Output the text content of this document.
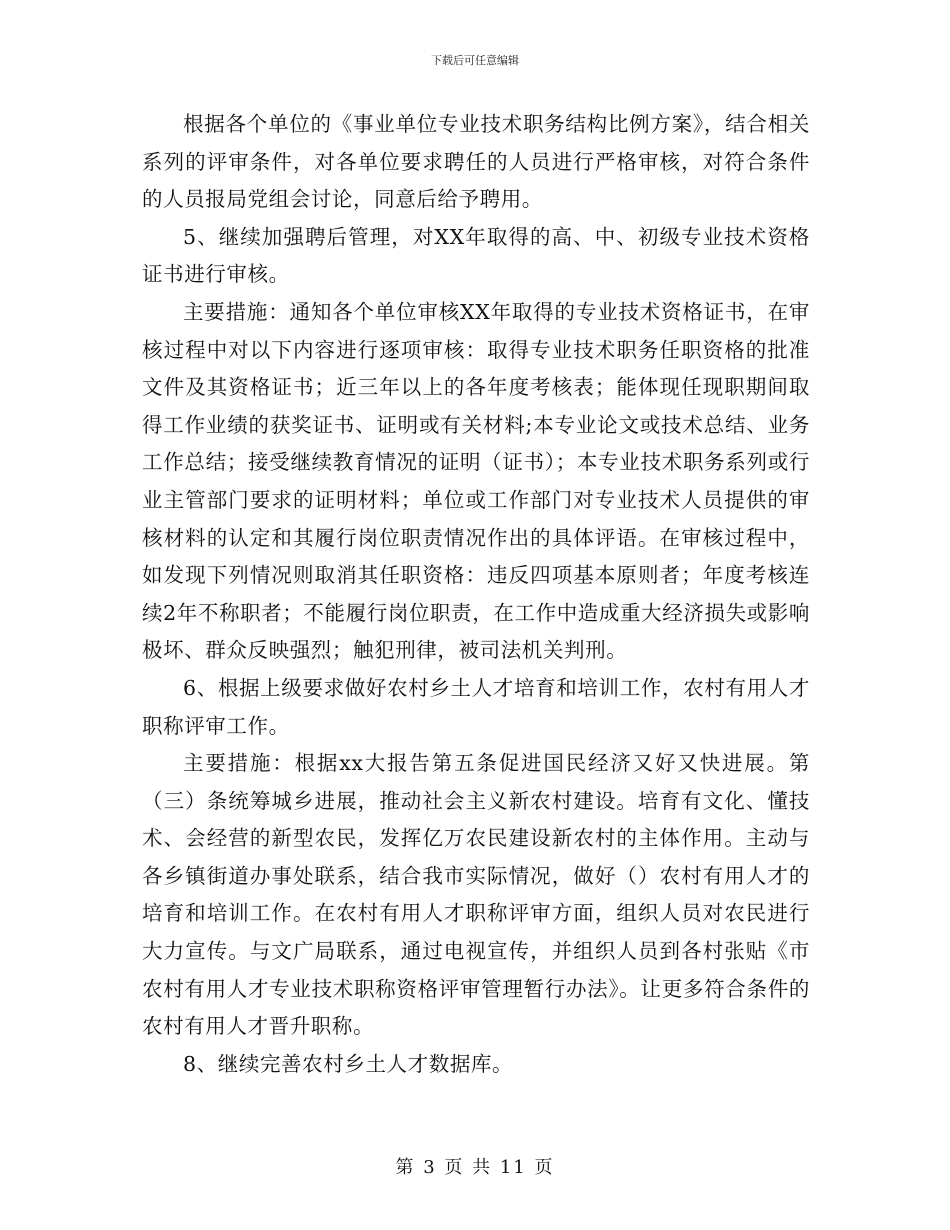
下载后可任意编辑

根据各个单位的《事业单位专业技术职务结构比例方案》，结合相关系列的评审条件，对各单位要求聘任的人员进行严格审核，对符合条件的人员报局党组会讨论，同意后给予聘用。

5、继续加强聘后管理，对XX年取得的高、中、初级专业技术资格证书进行审核。

主要措施：通知各个单位审核XX年取得的专业技术资格证书，在审核过程中对以下内容进行逐项审核：取得专业技术职务任职资格的批准文件及其资格证书；近三年以上的各年度考核表；能体现任现职期间取得工作业绩的获奖证书、证明或有关材料;本专业论文或技术总结、业务工作总结；接受继续教育情况的证明（证书）；本专业技术职务系列或行业主管部门要求的证明材料；单位或工作部门对专业技术人员提供的审核材料的认定和其履行岗位职责情况作出的具体评语。在审核过程中，如发现下列情况则取消其任职资格：违反四项基本原则者；年度考核连续2年不称职者；不能履行岗位职责，在工作中造成重大经济损失或影响极坏、群众反映强烈；触犯刑律，被司法机关判刑。

6、根据上级要求做好农村乡土人才培育和培训工作，农村有用人才职称评审工作。

主要措施：根据xx大报告第五条促进国民经济又好又快进展。第（三）条统筹城乡进展，推动社会主义新农村建设。培育有文化、懂技术、会经营的新型农民，发挥亿万农民建设新农村的主体作用。主动与各乡镇街道办事处联系，结合我市实际情况，做好（）农村有用人才的培育和培训工作。在农村有用人才职称评审方面，组织人员对农民进行大力宣传。与文广局联系，通过电视宣传，并组织人员到各村张贴《市农村有用人才专业技术职称资格评审管理暂行办法》。让更多符合条件的农村有用人才晋升职称。

8、继续完善农村乡土人才数据库。

第 3 页 共 11 页
